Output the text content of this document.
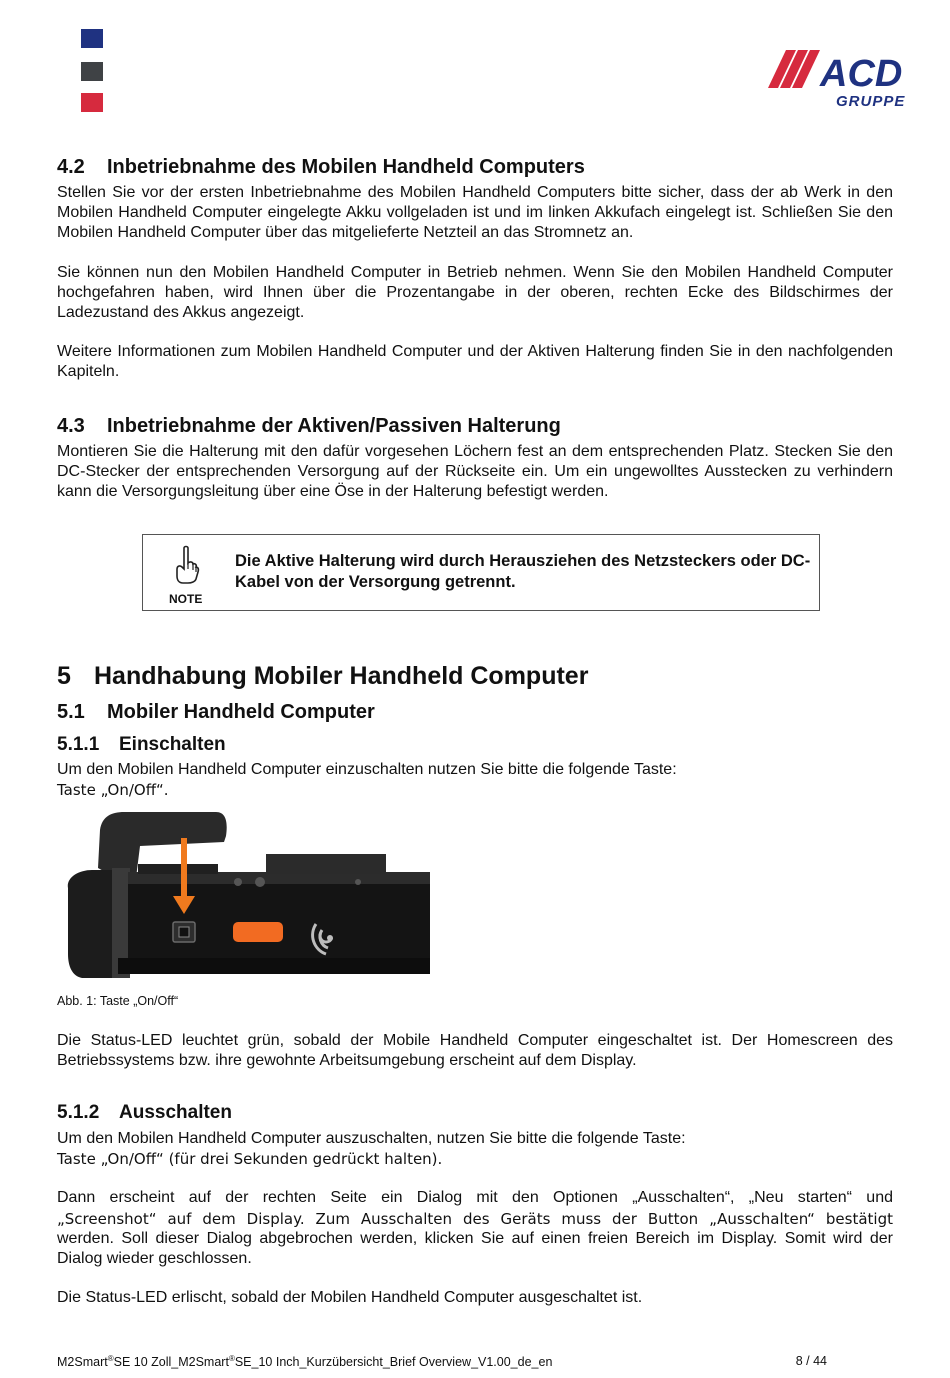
ACD
GRUPPE
4.2 Inbetriebnahme des Mobilen Handheld Computers

Stellen Sie vor der ersten Inbetriebnahme des Mobilen Handheld Computers bitte sicher, dass der ab Werk in den Mobilen Handheld Computer eingelegte Akku vollgeladen ist und im linken Akkufach eingelegt ist. Schließen Sie den Mobilen Handheld Computer über das mitgelieferte Netzteil an das Stromnetz an.

Sie können nun den Mobilen Handheld Computer in Betrieb nehmen. Wenn Sie den Mobilen Handheld Computer hochgefahren haben, wird Ihnen über die Prozentangabe in der oberen, rechten Ecke des Bildschirmes der Ladezustand des Akkus angezeigt.

Weitere Informationen zum Mobilen Handheld Computer und der Aktiven Halterung finden Sie in den nachfolgenden Kapiteln.

4.3 Inbetriebnahme der Aktiven/Passiven Halterung

Montieren Sie die Halterung mit den dafür vorgesehen Löchern fest an dem entsprechenden Platz. Stecken Sie den DC-Stecker der entsprechenden Versorgung auf der Rückseite ein. Um ein ungewolltes Ausstecken zu verhindern kann die Versorgungsleitung über eine Öse in der Halterung befestigt werden.

NOTE
Die Aktive Halterung wird durch Herausziehen des Netzsteckers oder DC-Kabel von der Versorgung getrennt.
5 Handhabung Mobiler Handheld Computer
5.1 Mobiler Handheld Computer
5.1.1 Einschalten

Um den Mobilen Handheld Computer einzuschalten nutzen Sie bitte die folgende Taste:

Taste „On/Off“.

Abb. 1: Taste „On/Off“

Die Status-LED leuchtet grün, sobald der Mobile Handheld Computer eingeschaltet ist. Der Homescreen des Betriebssystems bzw. ihre gewohnte Arbeitsumgebung erscheint auf dem Display.

5.1.2 Ausschalten

Um den Mobilen Handheld Computer auszuschalten, nutzen Sie bitte die folgende Taste:

Taste „On/Off“ (für drei Sekunden gedrückt halten).

Dann erscheint auf der rechten Seite ein Dialog mit den Optionen „Ausschalten“, „Neu starten“ und

„Screenshot“ auf dem Display. Zum Ausschalten des Geräts muss der Button „Ausschalten“ bestätigt

werden. Soll dieser Dialog abgebrochen werden, klicken Sie auf einen freien Bereich im Display. Somit wird der Dialog wieder geschlossen.

Die Status-LED erlischt, sobald der Mobilen Handheld Computer ausgeschaltet ist.

M2Smart®SE 10 Zoll_M2Smart®SE_10 Inch_Kurzübersicht_Brief Overview_V1.00_de_en	8 / 44
